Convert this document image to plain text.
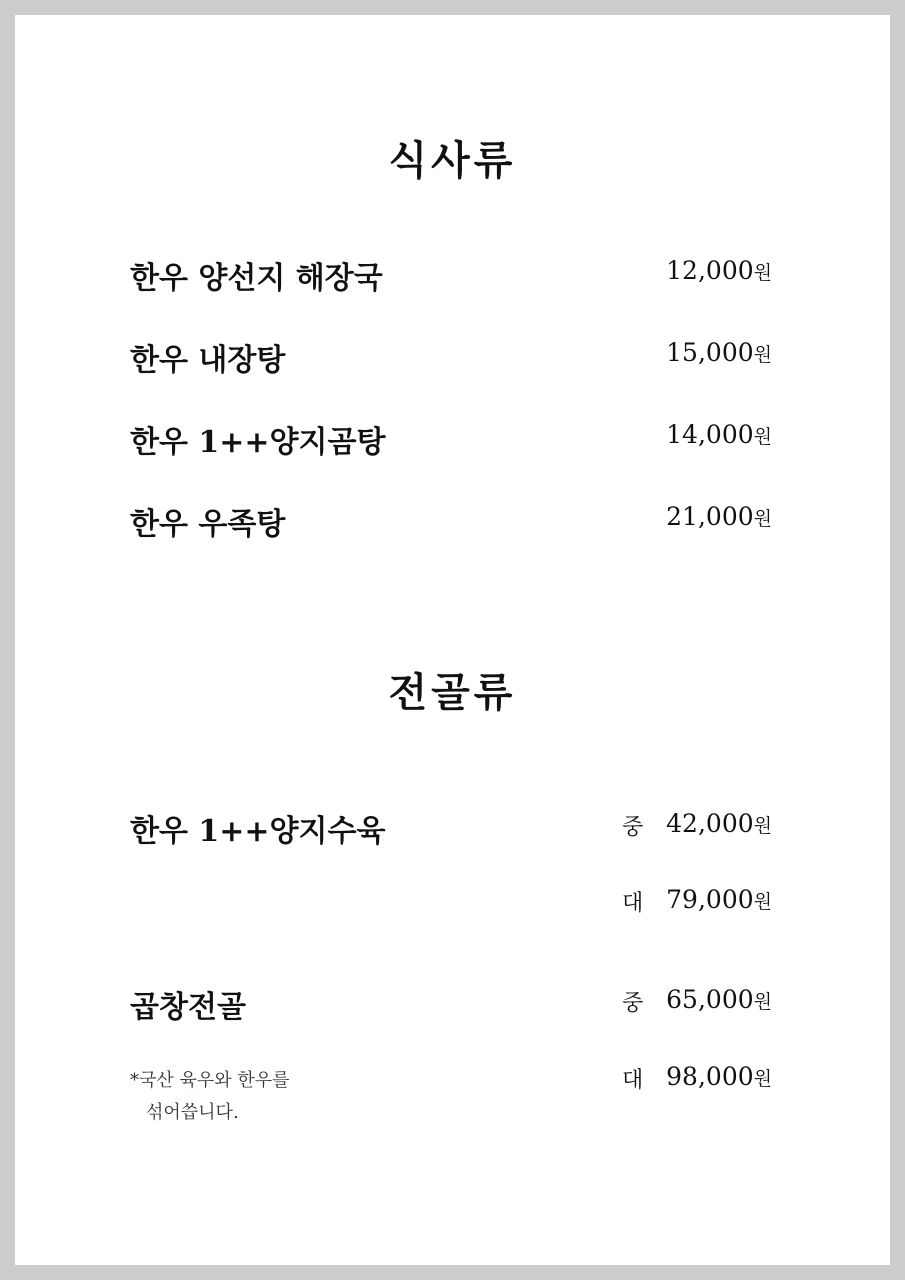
식사류
한우 양선지 해장국	12,000원
한우 내장탕	15,000원
한우 1++양지곰탕	14,000원
한우 우족탕	21,000원
전골류
한우 1++양지수육	중 42,000원
대 79,000원
곱창전골	중 65,000원
대 98,000원
*국산 육우와 한우를
섞어씁니다.
